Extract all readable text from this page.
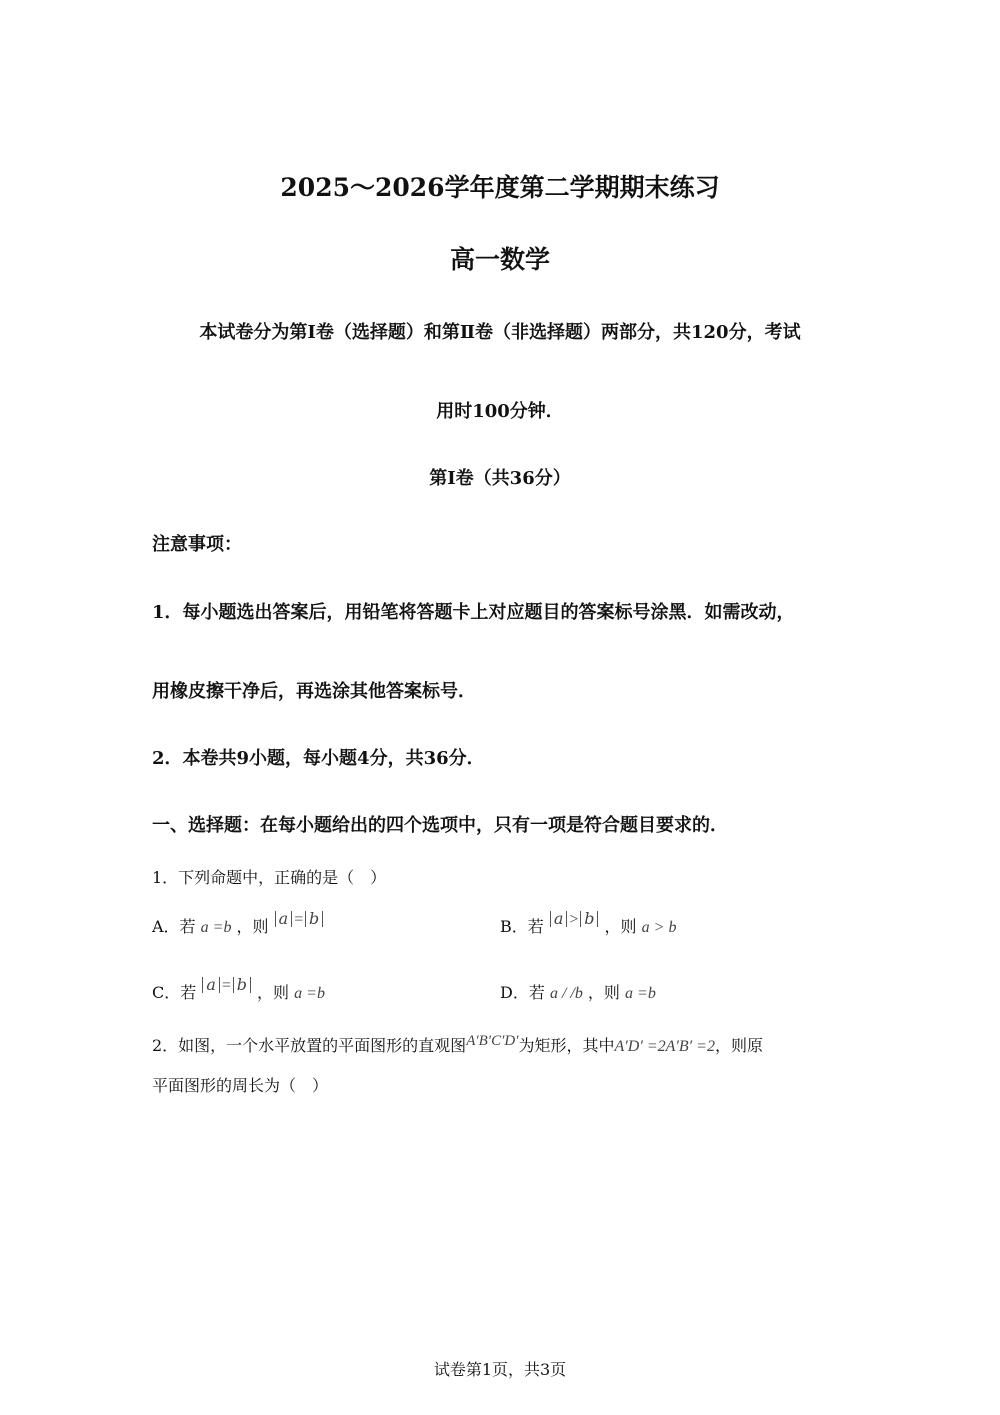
2025～2026学年度第二学期期末练习
高一数学
本试卷分为第Ⅰ卷（选择题）和第Ⅱ卷（非选择题）两部分，共120分，考试
用时100分钟．
第Ⅰ卷（共36分）
注意事项：
1．每小题选出答案后，用铅笔将答题卡上对应题目的答案标号涂黑．如需改动，
用橡皮擦干净后，再选涂其他答案标号．
2．本卷共9小题，每小题4分，共36分．
一、选择题：在每小题给出的四个选项中，只有一项是符合题目要求的．
1．下列命题中，正确的是（　）
A．若 a =b ，则 a = b	B．若 a > b ，则 a > b
C．若 a = b ，则 a =b	D．若 a / /b ，则 a =b
2．如图，一个水平放置的平面图形的直观图A′B′C′D′为矩形，其中A′D′ =2A′B′ =2，则原
平面图形的周长为（　）
试卷第1页，共3页
